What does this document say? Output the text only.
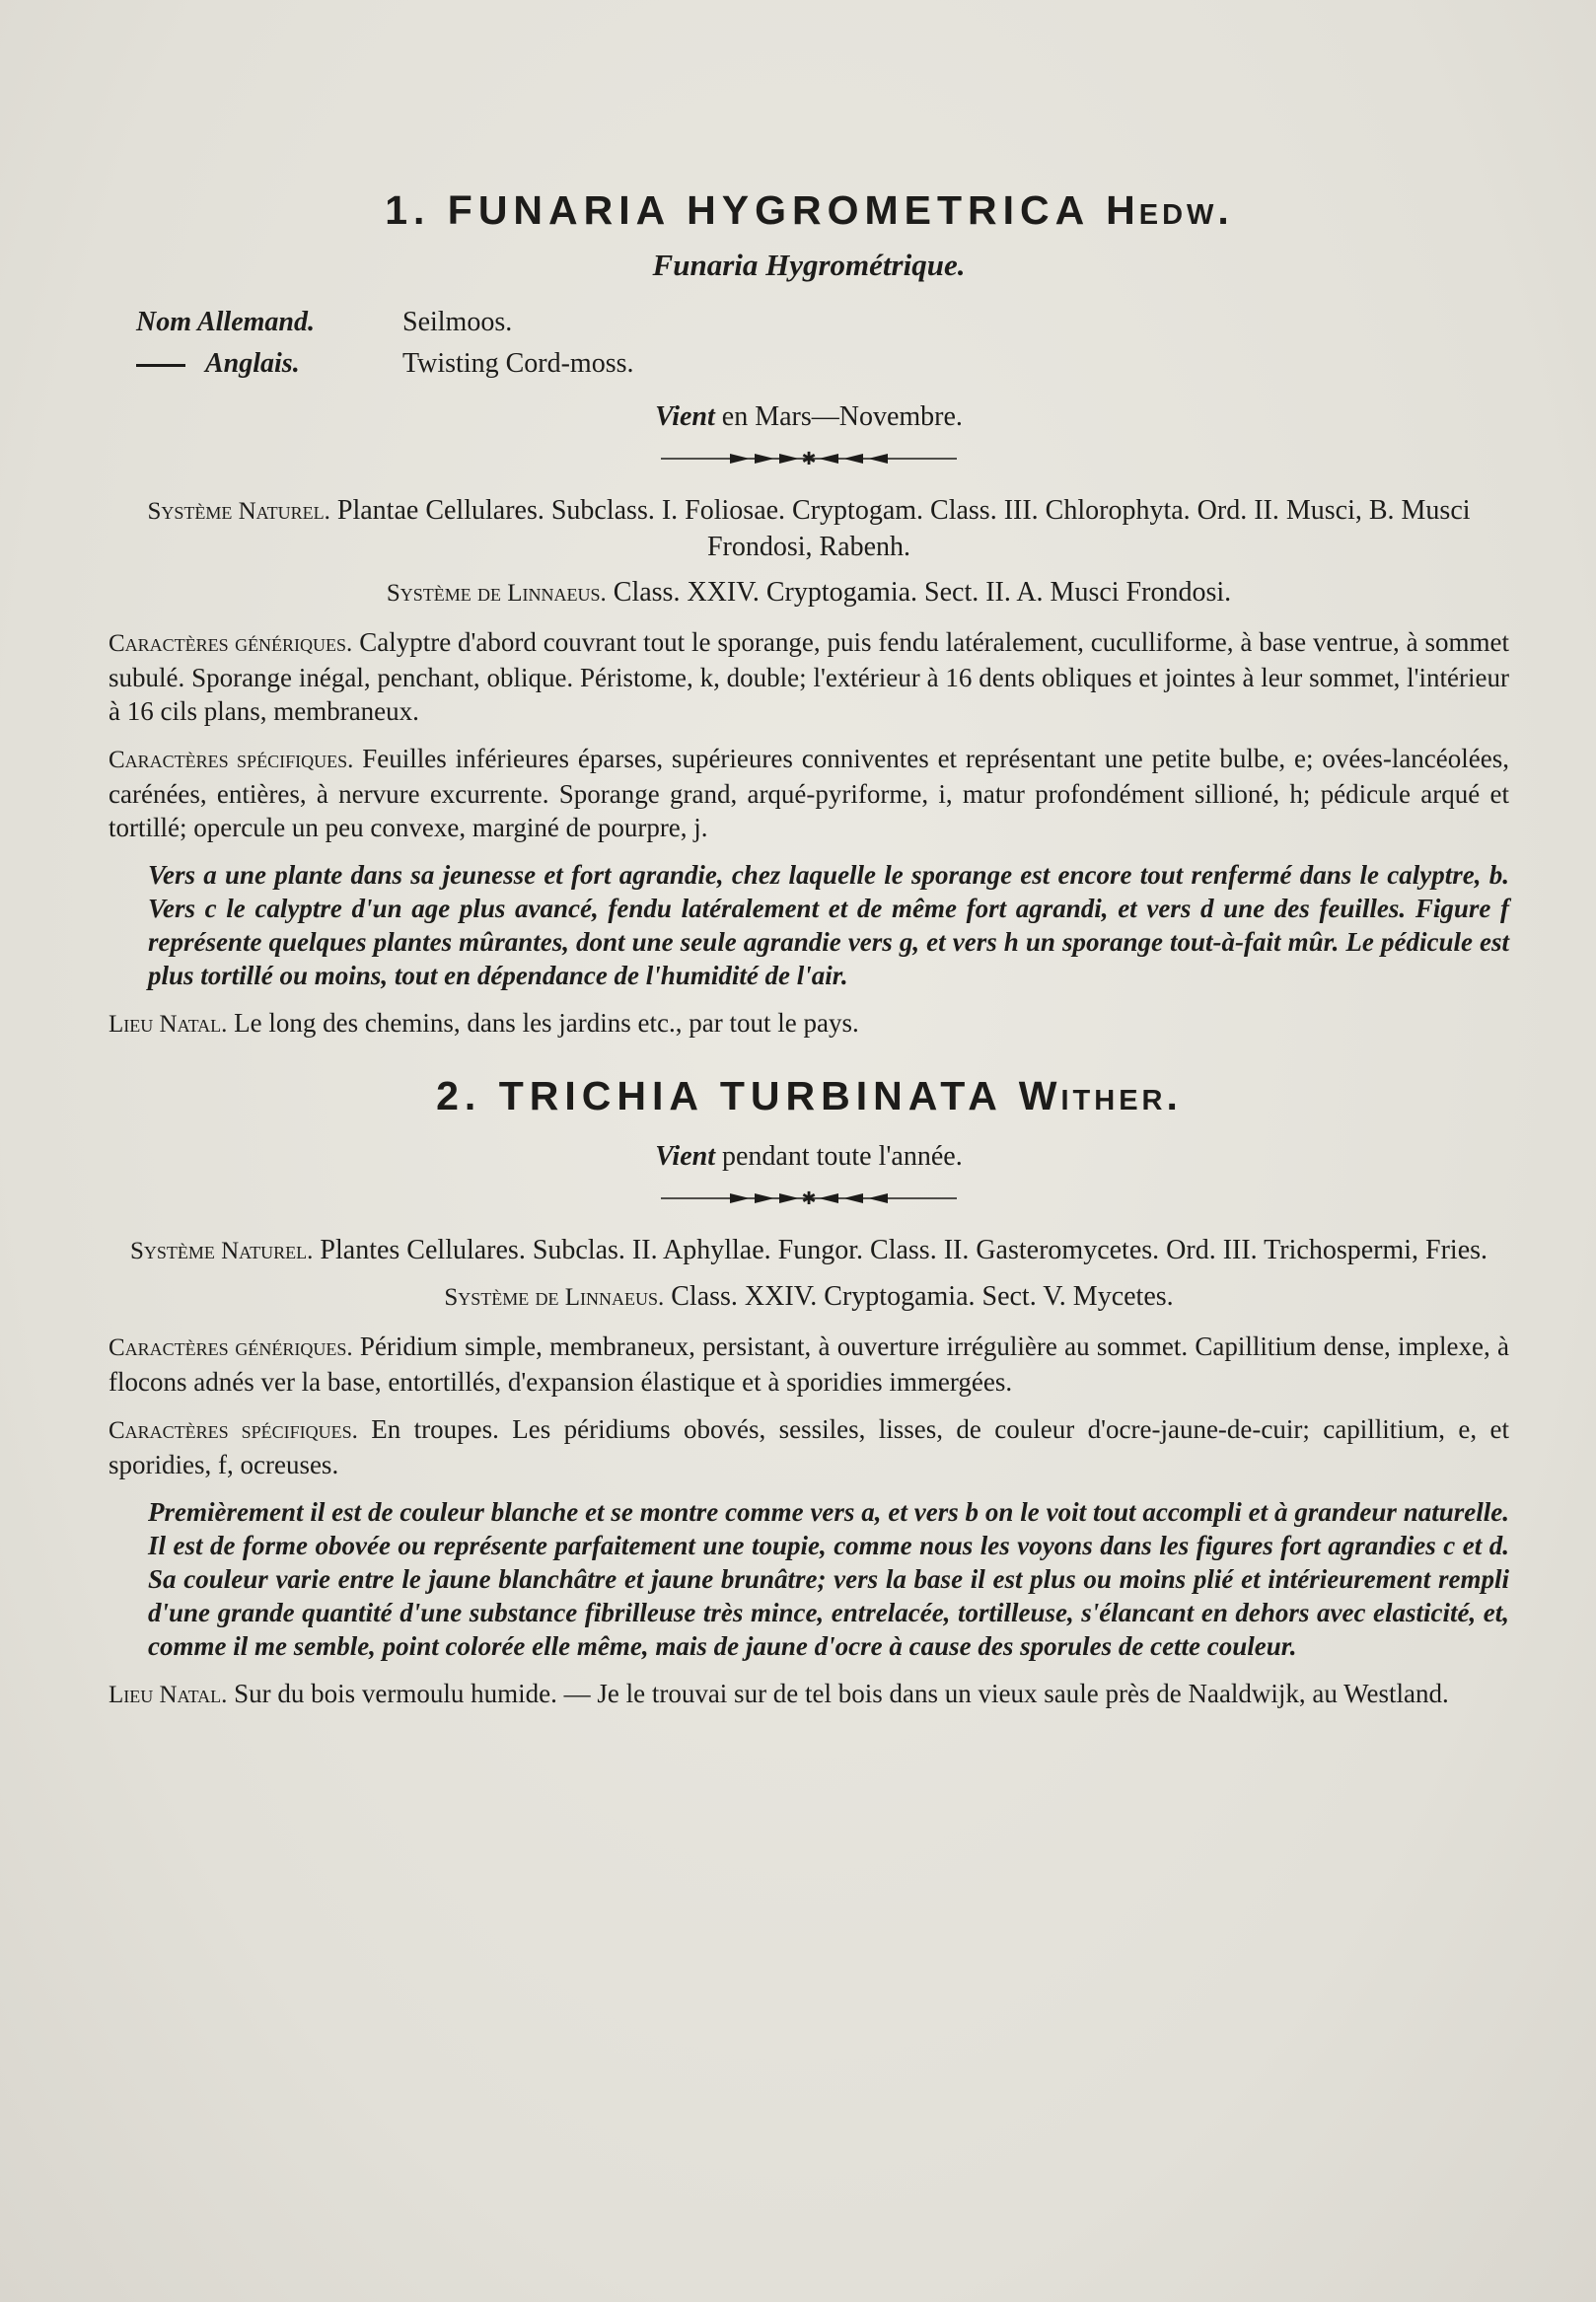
1. FUNARIA HYGROMETRICA Hedw.
Funaria Hygrométrique.
Nom Allemand.	Seilmoos.
Anglais.	Twisting Cord-moss.
Vient en Mars—Novembre.
✱
Système Naturel. Plantae Cellulares. Subclass. I. Foliosae. Cryptogam. Class. III. Chlorophyta. Ord. II. Musci, B. Musci Frondosi, Rabenh.
Système de Linnaeus. Class. XXIV. Cryptogamia. Sect. II. A. Musci Frondosi.

Caractères génériques. Calyptre d'abord couvrant tout le sporange, puis fendu latéralement, cuculliforme, à base ventrue, à sommet subulé. Sporange inégal, penchant, oblique. Péristome, k, double; l'extérieur à 16 dents obliques et jointes à leur sommet, l'intérieur à 16 cils plans, membraneux.

Caractères spécifiques. Feuilles inférieures éparses, supérieures conniventes et représentant une petite bulbe, e; ovées-lancéolées, carénées, entières, à nervure excurrente. Sporange grand, arqué-pyriforme, i, matur profondément sillioné, h; pédicule arqué et tortillé; opercule un peu convexe, marginé de pourpre, j.

Vers a une plante dans sa jeunesse et fort agrandie, chez laquelle le sporange est encore tout renfermé dans le calyptre, b. Vers c le calyptre d'un age plus avancé, fendu latéralement et de même fort agrandi, et vers d une des feuilles. Figure f représente quelques plantes mûrantes, dont une seule agrandie vers g, et vers h un sporange tout-à-fait mûr. Le pédicule est plus tortillé ou moins, tout en dépendance de l'humidité de l'air.

Lieu Natal. Le long des chemins, dans les jardins etc., par tout le pays.

2. TRICHIA TURBINATA Wither.
Vient pendant toute l'année.
✱
Système Naturel. Plantes Cellulares. Subclas. II. Aphyllae. Fungor. Class. II. Gasteromycetes. Ord. III. Trichospermi, Fries.
Système de Linnaeus. Class. XXIV. Cryptogamia. Sect. V. Mycetes.

Caractères génériques. Péridium simple, membraneux, persistant, à ouverture irrégulière au sommet. Capillitium dense, implexe, à flocons adnés ver la base, entortillés, d'expansion élastique et à sporidies immergées.

Caractères spécifiques. En troupes. Les péridiums obovés, sessiles, lisses, de couleur d'ocre-jaune-de-cuir; capillitium, e, et sporidies, f, ocreuses.

Premièrement il est de couleur blanche et se montre comme vers a, et vers b on le voit tout accompli et à grandeur naturelle. Il est de forme obovée ou représente parfaitement une toupie, comme nous les voyons dans les figures fort agrandies c et d. Sa couleur varie entre le jaune blanchâtre et jaune brunâtre; vers la base il est plus ou moins plié et intérieurement rempli d'une grande quantité d'une substance fibrilleuse très mince, entrelacée, tortilleuse, s'élancant en dehors avec elasticité, et, comme il me semble, point colorée elle même, mais de jaune d'ocre à cause des sporules de cette couleur.

Lieu Natal. Sur du bois vermoulu humide. — Je le trouvai sur de tel bois dans un vieux saule près de Naaldwijk, au Westland.
